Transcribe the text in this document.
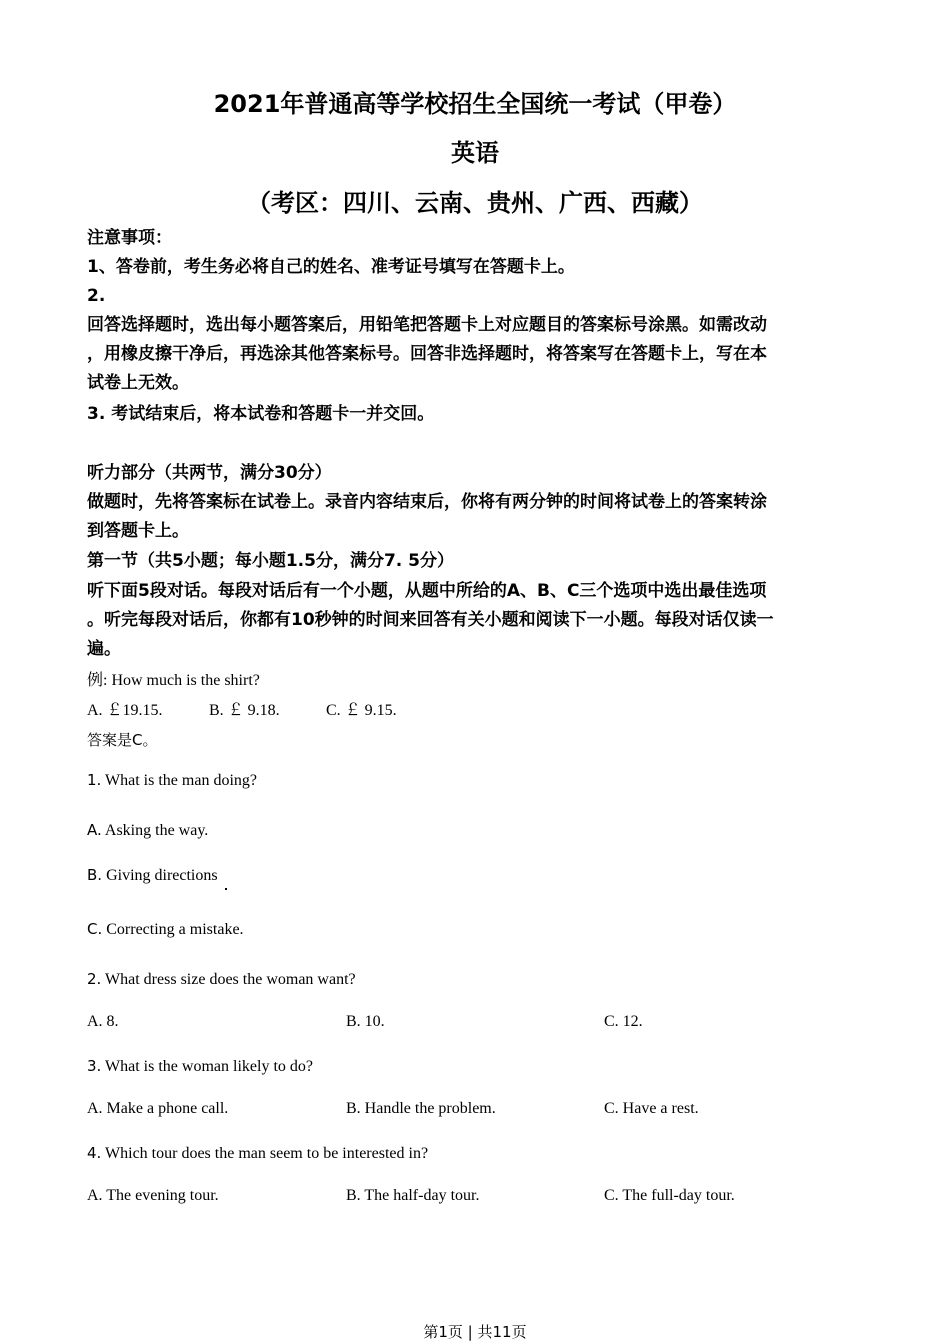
2021年普通高等学校招生全国统一考试（甲卷）
英语
（考区：四川、云南、贵州、广西、西藏）
注意事项：
1、答卷前，考生务必将自己的姓名、准考证号填写在答题卡上。
2.
回答选择题时，选出每小题答案后，用铅笔把答题卡上对应题目的答案标号涂黑。如需改动
，用橡皮擦干净后，再选涂其他答案标号。回答非选择题时，将答案写在答题卡上，写在本
试卷上无效。
3. 考试结束后，将本试卷和答题卡一并交回。
听力部分（共两节，满分30分）
做题时，先将答案标在试卷上。录音内容结束后，你将有两分钟的时间将试卷上的答案转涂
到答题卡上。
第一节（共5小题；每小题1.5分，满分7. 5分）
听下面5段对话。每段对话后有一个小题，从题中所给的A、B、C三个选项中选出最佳选项
。听完每段对话后，你都有10秒钟的时间来回答有关小题和阅读下一小题。每段对话仅读一
遍。
例: How much is the shirt?
A. ￡19.15.	B. ￡ 9.18.	C. ￡ 9.15.
答案是C。
1. What is the man doing?
A. Asking the way.
B. Giving directions
C. Correcting a mistake.
2. What dress size does the woman want?
A. 8.	B. 10.	C. 12.
3. What is the woman likely to do?
A. Make a phone call.	B. Handle the problem.	C. Have a rest.
4. Which tour does the man seem to be interested in?
A. The evening tour.	B. The half-day tour.	C. The full-day tour.
第1页 | 共11页
